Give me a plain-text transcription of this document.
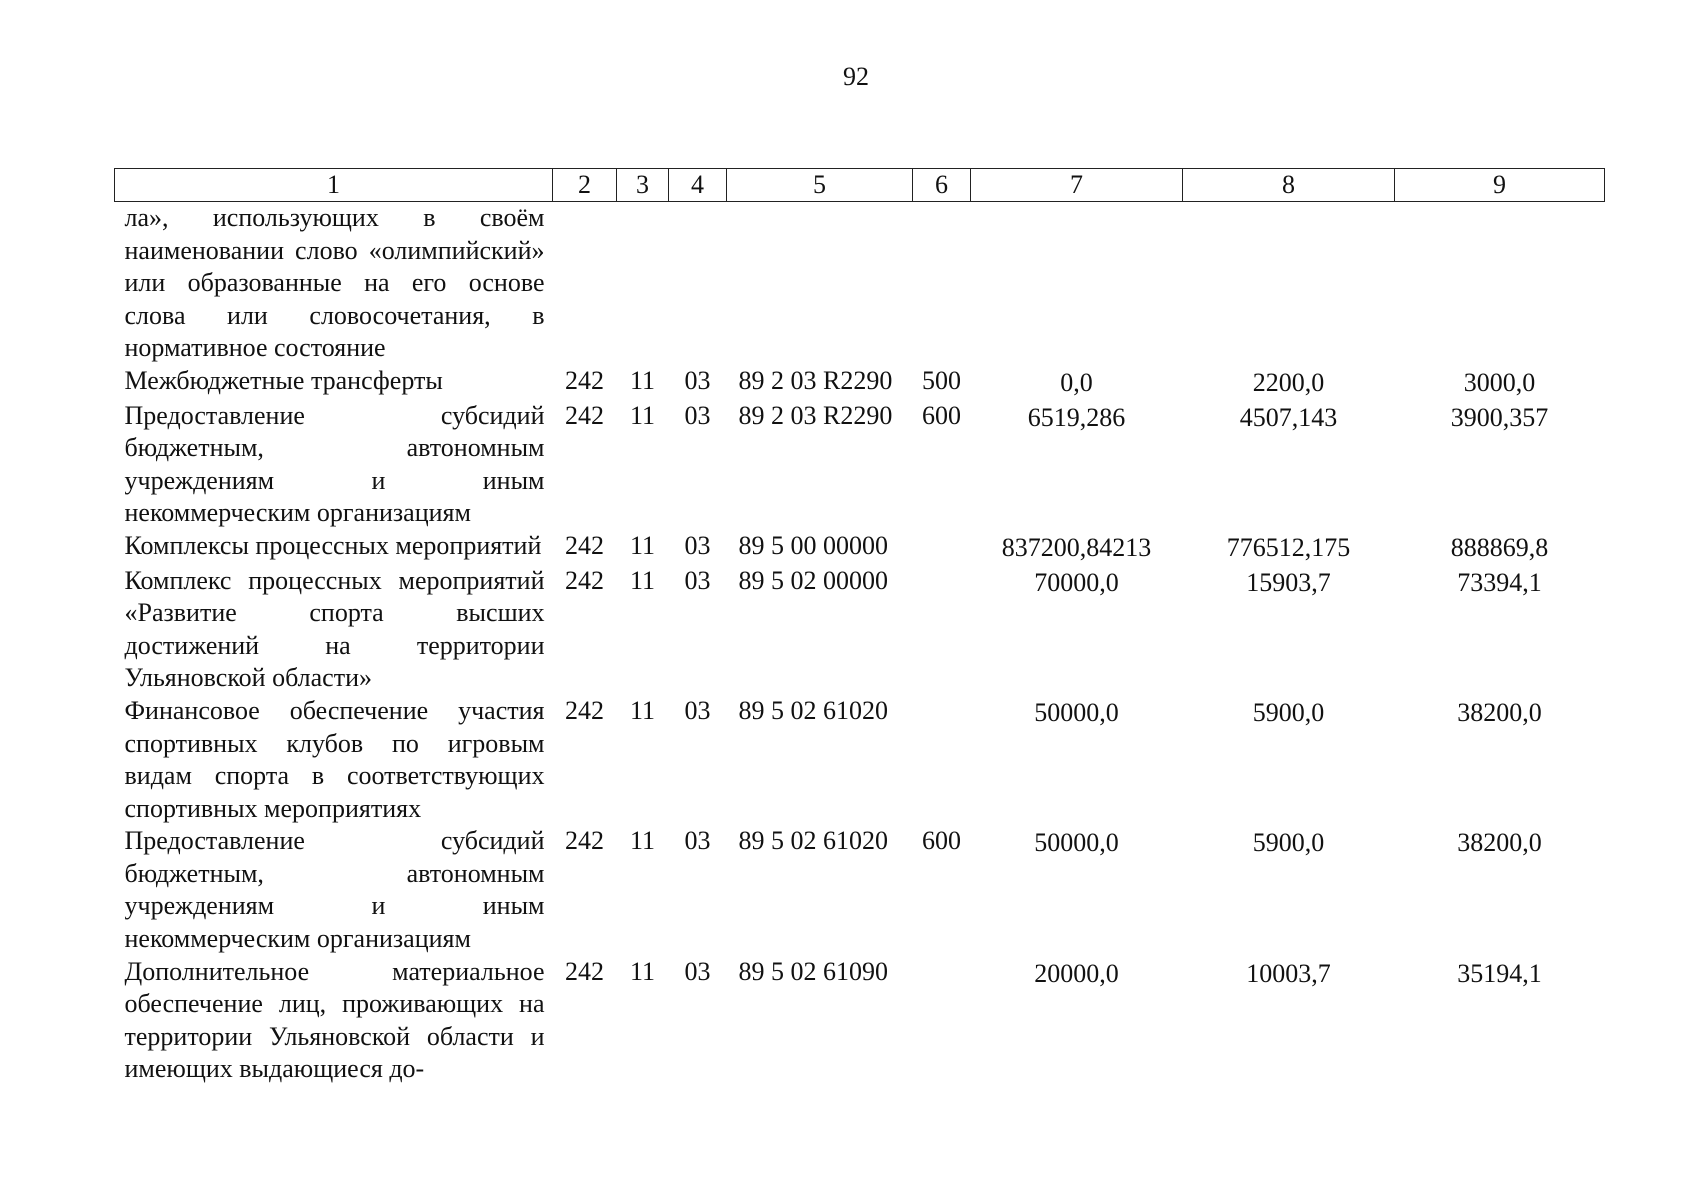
92
1	2	3	4	5	6	7	8	9
ла», использующих в своём наименовании слово «олимпийский» или образованные на его основе слова или словосочетания, в нормативное состояние								
Межбюджетные трансферты	242	11	03	89 2 03 R2290	500	0,0	2200,0	3000,0
Предоставление субсидий бюджетным, автономным учреждениям и иным некоммерческим организациям	242	11	03	89 2 03 R2290	600	6519,286	4507,143	3900,357
Комплексы процессных мероприятий	242	11	03	89 5 00 00000		837200,84213	776512,175	888869,8
Комплекс процессных мероприятий «Развитие спорта высших достижений на территории Ульяновской области»	242	11	03	89 5 02 00000		70000,0	15903,7	73394,1
Финансовое обеспечение участия спортивных клубов по игровым видам спорта в соответствующих спортивных мероприятиях	242	11	03	89 5 02 61020		50000,0	5900,0	38200,0
Предоставление субсидий бюджетным, автономным учреждениям и иным некоммерческим организациям	242	11	03	89 5 02 61020	600	50000,0	5900,0	38200,0
Дополнительное материальное обеспечение лиц, проживающих на территории Ульяновской области и имеющих выдающиеся до-	242	11	03	89 5 02 61090		20000,0	10003,7	35194,1
